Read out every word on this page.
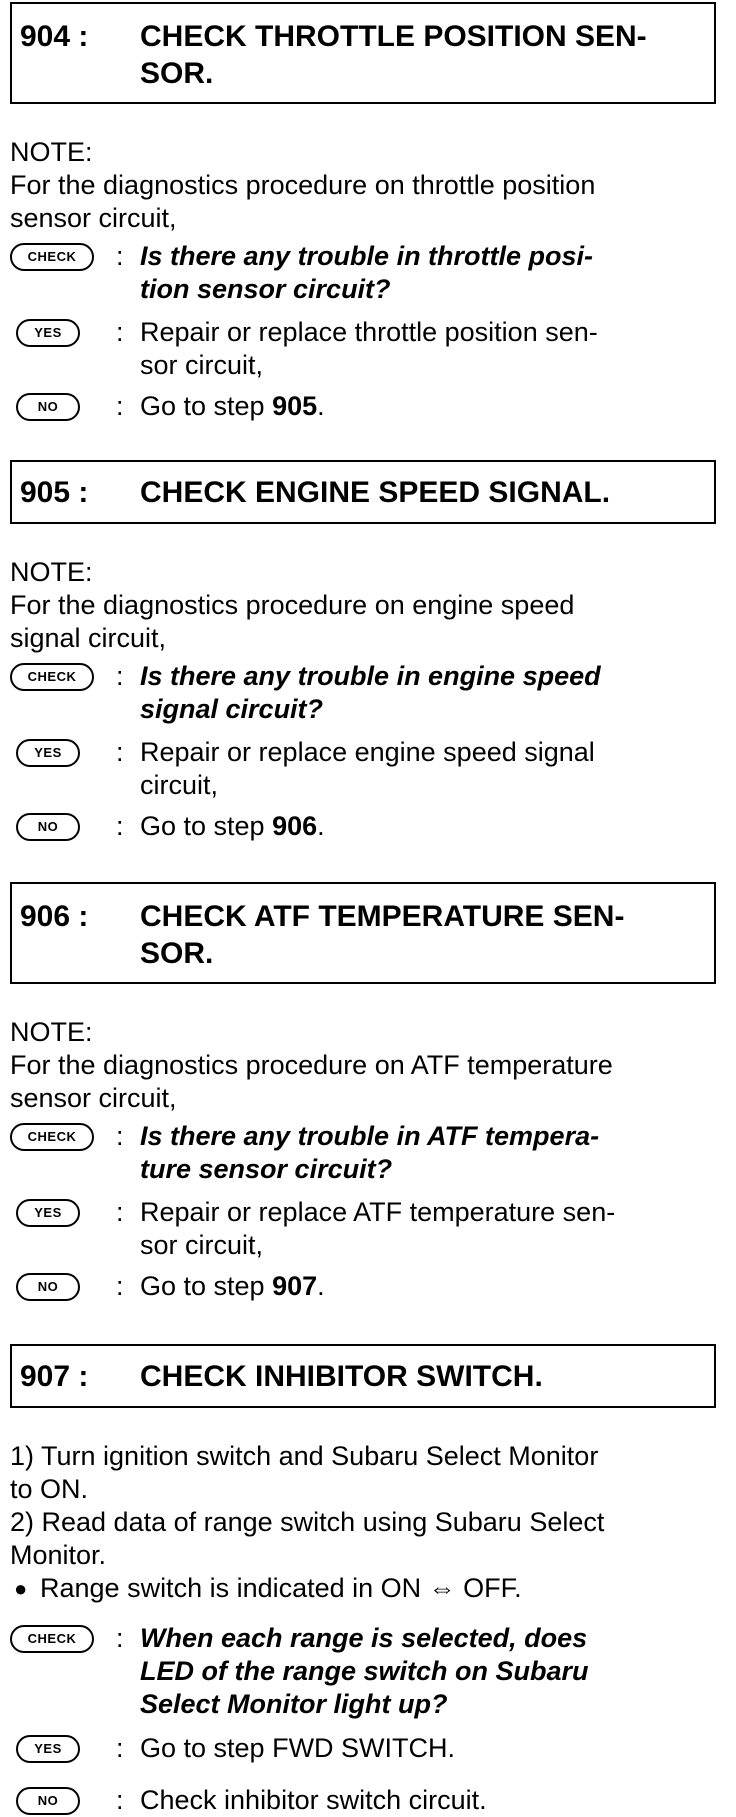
904 : CHECK THROTTLE POSITION SEN-
SOR.
NOTE:
For the diagnostics procedure on throttle position
sensor circuit,
CHECK	: Is there any trouble in throttle posi-
tion sensor circuit?
YES	: Repair or replace throttle position sen-
sor circuit,
NO	: Go to step 905.
905 : CHECK ENGINE SPEED SIGNAL.
NOTE:
For the diagnostics procedure on engine speed
signal circuit,
CHECK	: Is there any trouble in engine speed
signal circuit?
YES	: Repair or replace engine speed signal
circuit,
NO	: Go to step 906.
906 : CHECK ATF TEMPERATURE SEN-
SOR.
NOTE:
For the diagnostics procedure on ATF temperature
sensor circuit,
CHECK	: Is there any trouble in ATF tempera-
ture sensor circuit?
YES	: Repair or replace ATF temperature sen-
sor circuit,
NO	: Go to step 907.
907 : CHECK INHIBITOR SWITCH.
1) Turn ignition switch and Subaru Select Monitor
to ON.
2) Read data of range switch using Subaru Select
Monitor.
● Range switch is indicated in ON ⇔ OFF.
CHECK	: When each range is selected, does
LED of the range switch on Subaru
Select Monitor light up?
YES	: Go to step FWD SWITCH.
NO	: Check inhibitor switch circuit.
